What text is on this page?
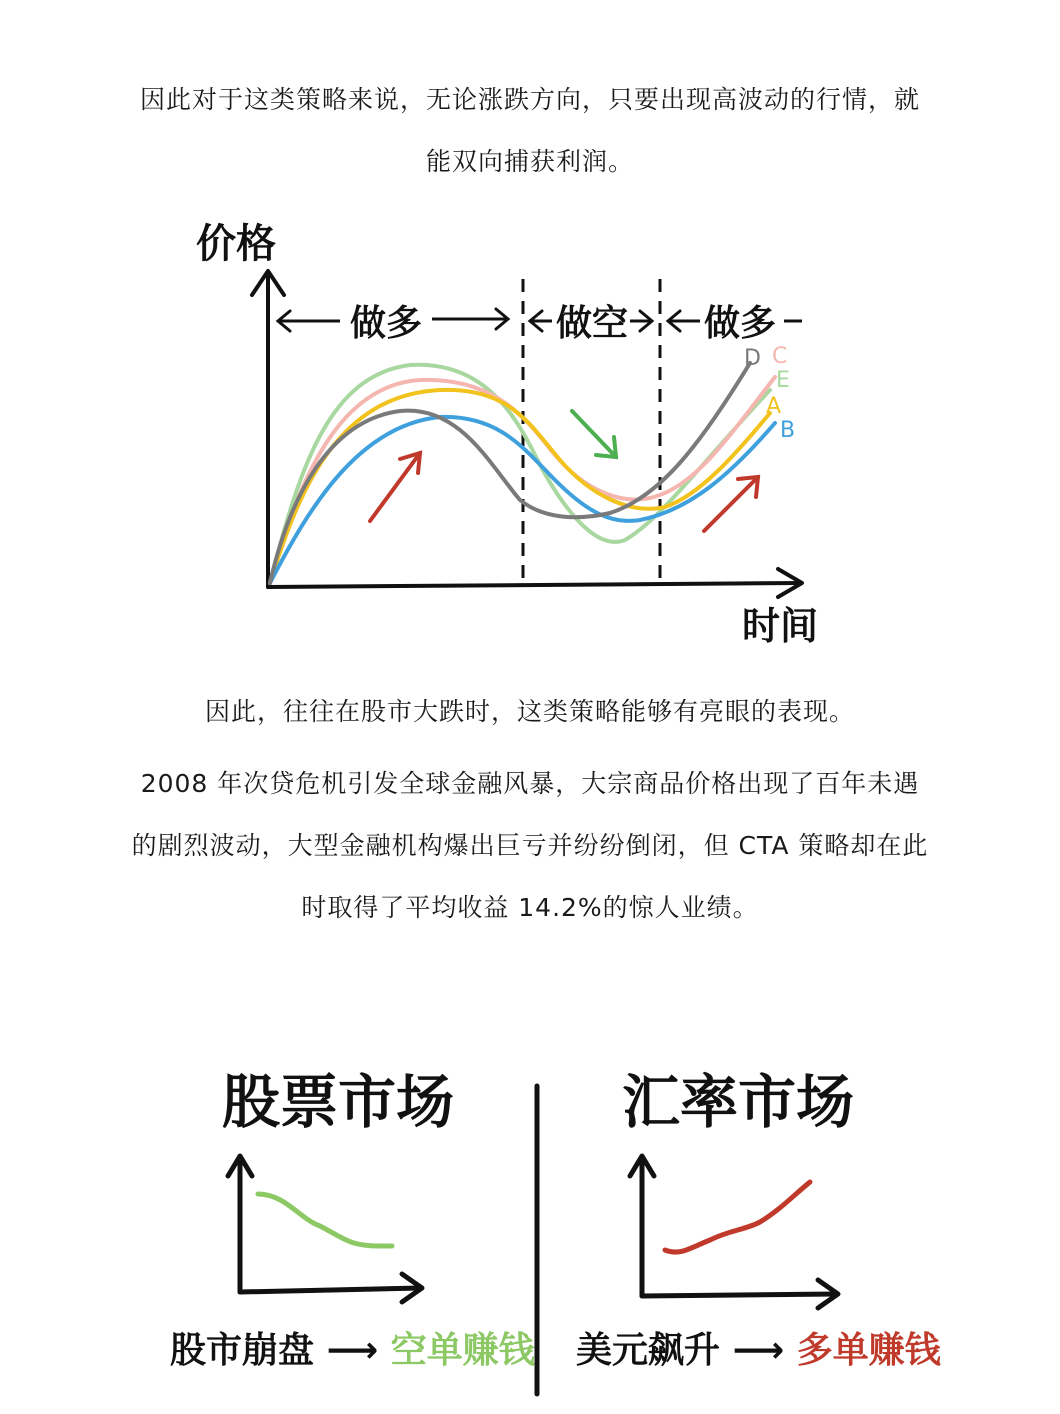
因此对于这类策略来说，无论涨跌方向，只要出现高波动的行情，就
能双向捕获利润。
价格
时间
做多	做空 做多
D C
E
A
B
因此，往往在股市大跌时，这类策略能够有亮眼的表现。
2008 年次贷危机引发全球金融风暴，大宗商品价格出现了百年未遇
的剧烈波动，大型金融机构爆出巨亏并纷纷倒闭，但 CTA 策略却在此
时取得了平均收益 14.2%的惊人业绩。
股票市场	汇率市场
股市崩盘 ⟶ 空单赚钱 美元飙升 ⟶ 多单赚钱
